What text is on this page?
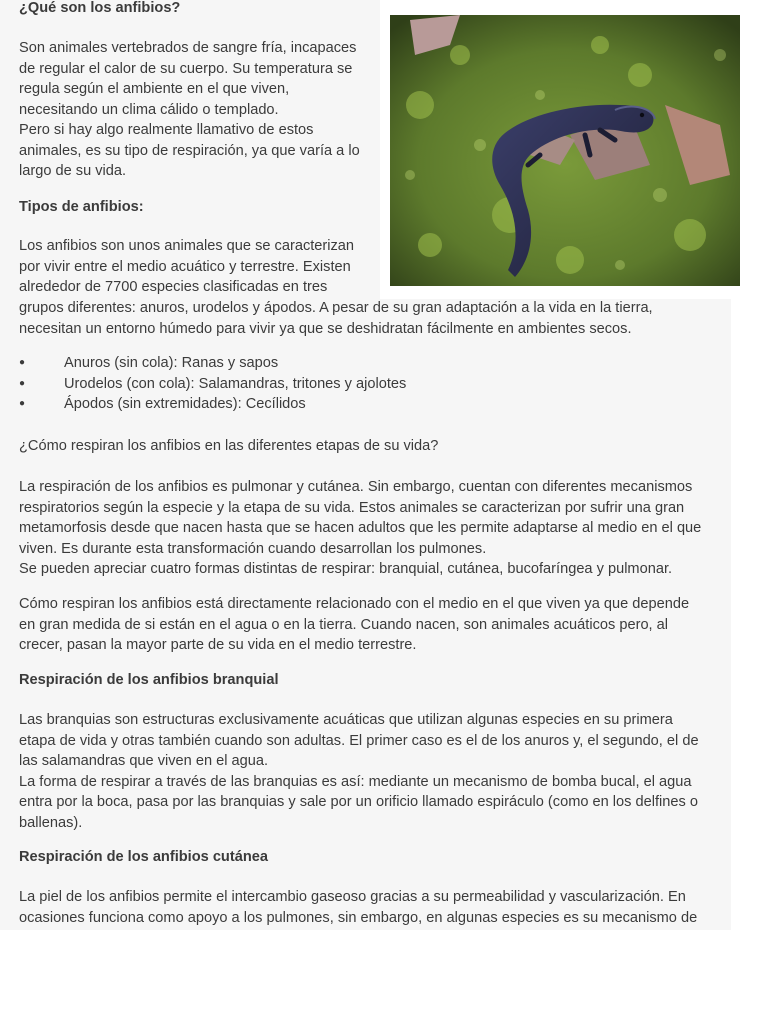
¿Qué son los anfibios?

Son animales vertebrados de sangre fría, incapaces

de regular el calor de su cuerpo. Su temperatura se

regula según el ambiente en el que viven,

necesitando un clima cálido o templado.

Pero si hay algo realmente llamativo de estos

animales, es su tipo de respiración, ya que varía a lo

largo de su vida.

Tipos de anfibios:

Los anfibios son unos animales que se caracterizan

por vivir entre el medio acuático y terrestre. Existen

alrededor de 7700 especies clasificadas en tres

grupos diferentes: anuros, urodelos y ápodos. A pesar de su gran adaptación a la vida en la tierra,

necesitan un entorno húmedo para vivir ya que se deshidratan fácilmente en ambientes secos.

●	Anuros (sin cola): Ranas y sapos
●	Urodelos (con cola): Salamandras, tritones y ajolotes
●	Ápodos (sin extremidades): Cecílidos

¿Cómo respiran los anfibios en las diferentes etapas de su vida?

La respiración de los anfibios es pulmonar y cutánea. Sin embargo, cuentan con diferentes mecanismos

respiratorios según la especie y la etapa de su vida. Estos animales se caracterizan por sufrir una gran

metamorfosis desde que nacen hasta que se hacen adultos que les permite adaptarse al medio en el que

viven. Es durante esta transformación cuando desarrollan los pulmones.

Se pueden apreciar cuatro formas distintas de respirar: branquial, cutánea, bucofaríngea y pulmonar.

Cómo respiran los anfibios está directamente relacionado con el medio en el que viven ya que depende

en gran medida de si están en el agua o en la tierra. Cuando nacen, son animales acuáticos pero, al

crecer, pasan la mayor parte de su vida en el medio terrestre.

Respiración de los anfibios branquial

Las branquias son estructuras exclusivamente acuáticas que utilizan algunas especies en su primera

etapa de vida y otras también cuando son adultas. El primer caso es el de los anuros y, el segundo, el de

las salamandras que viven en el agua.

La forma de respirar a través de las branquias es así: mediante un mecanismo de bomba bucal, el agua

entra por la boca, pasa por las branquias y sale por un orificio llamado espiráculo (como en los delfines o

ballenas).

Respiración de los anfibios cutánea

La piel de los anfibios permite el intercambio gaseoso gracias a su permeabilidad y vascularización. En

ocasiones funciona como apoyo a los pulmones, sin embargo, en algunas especies es su mecanismo de
